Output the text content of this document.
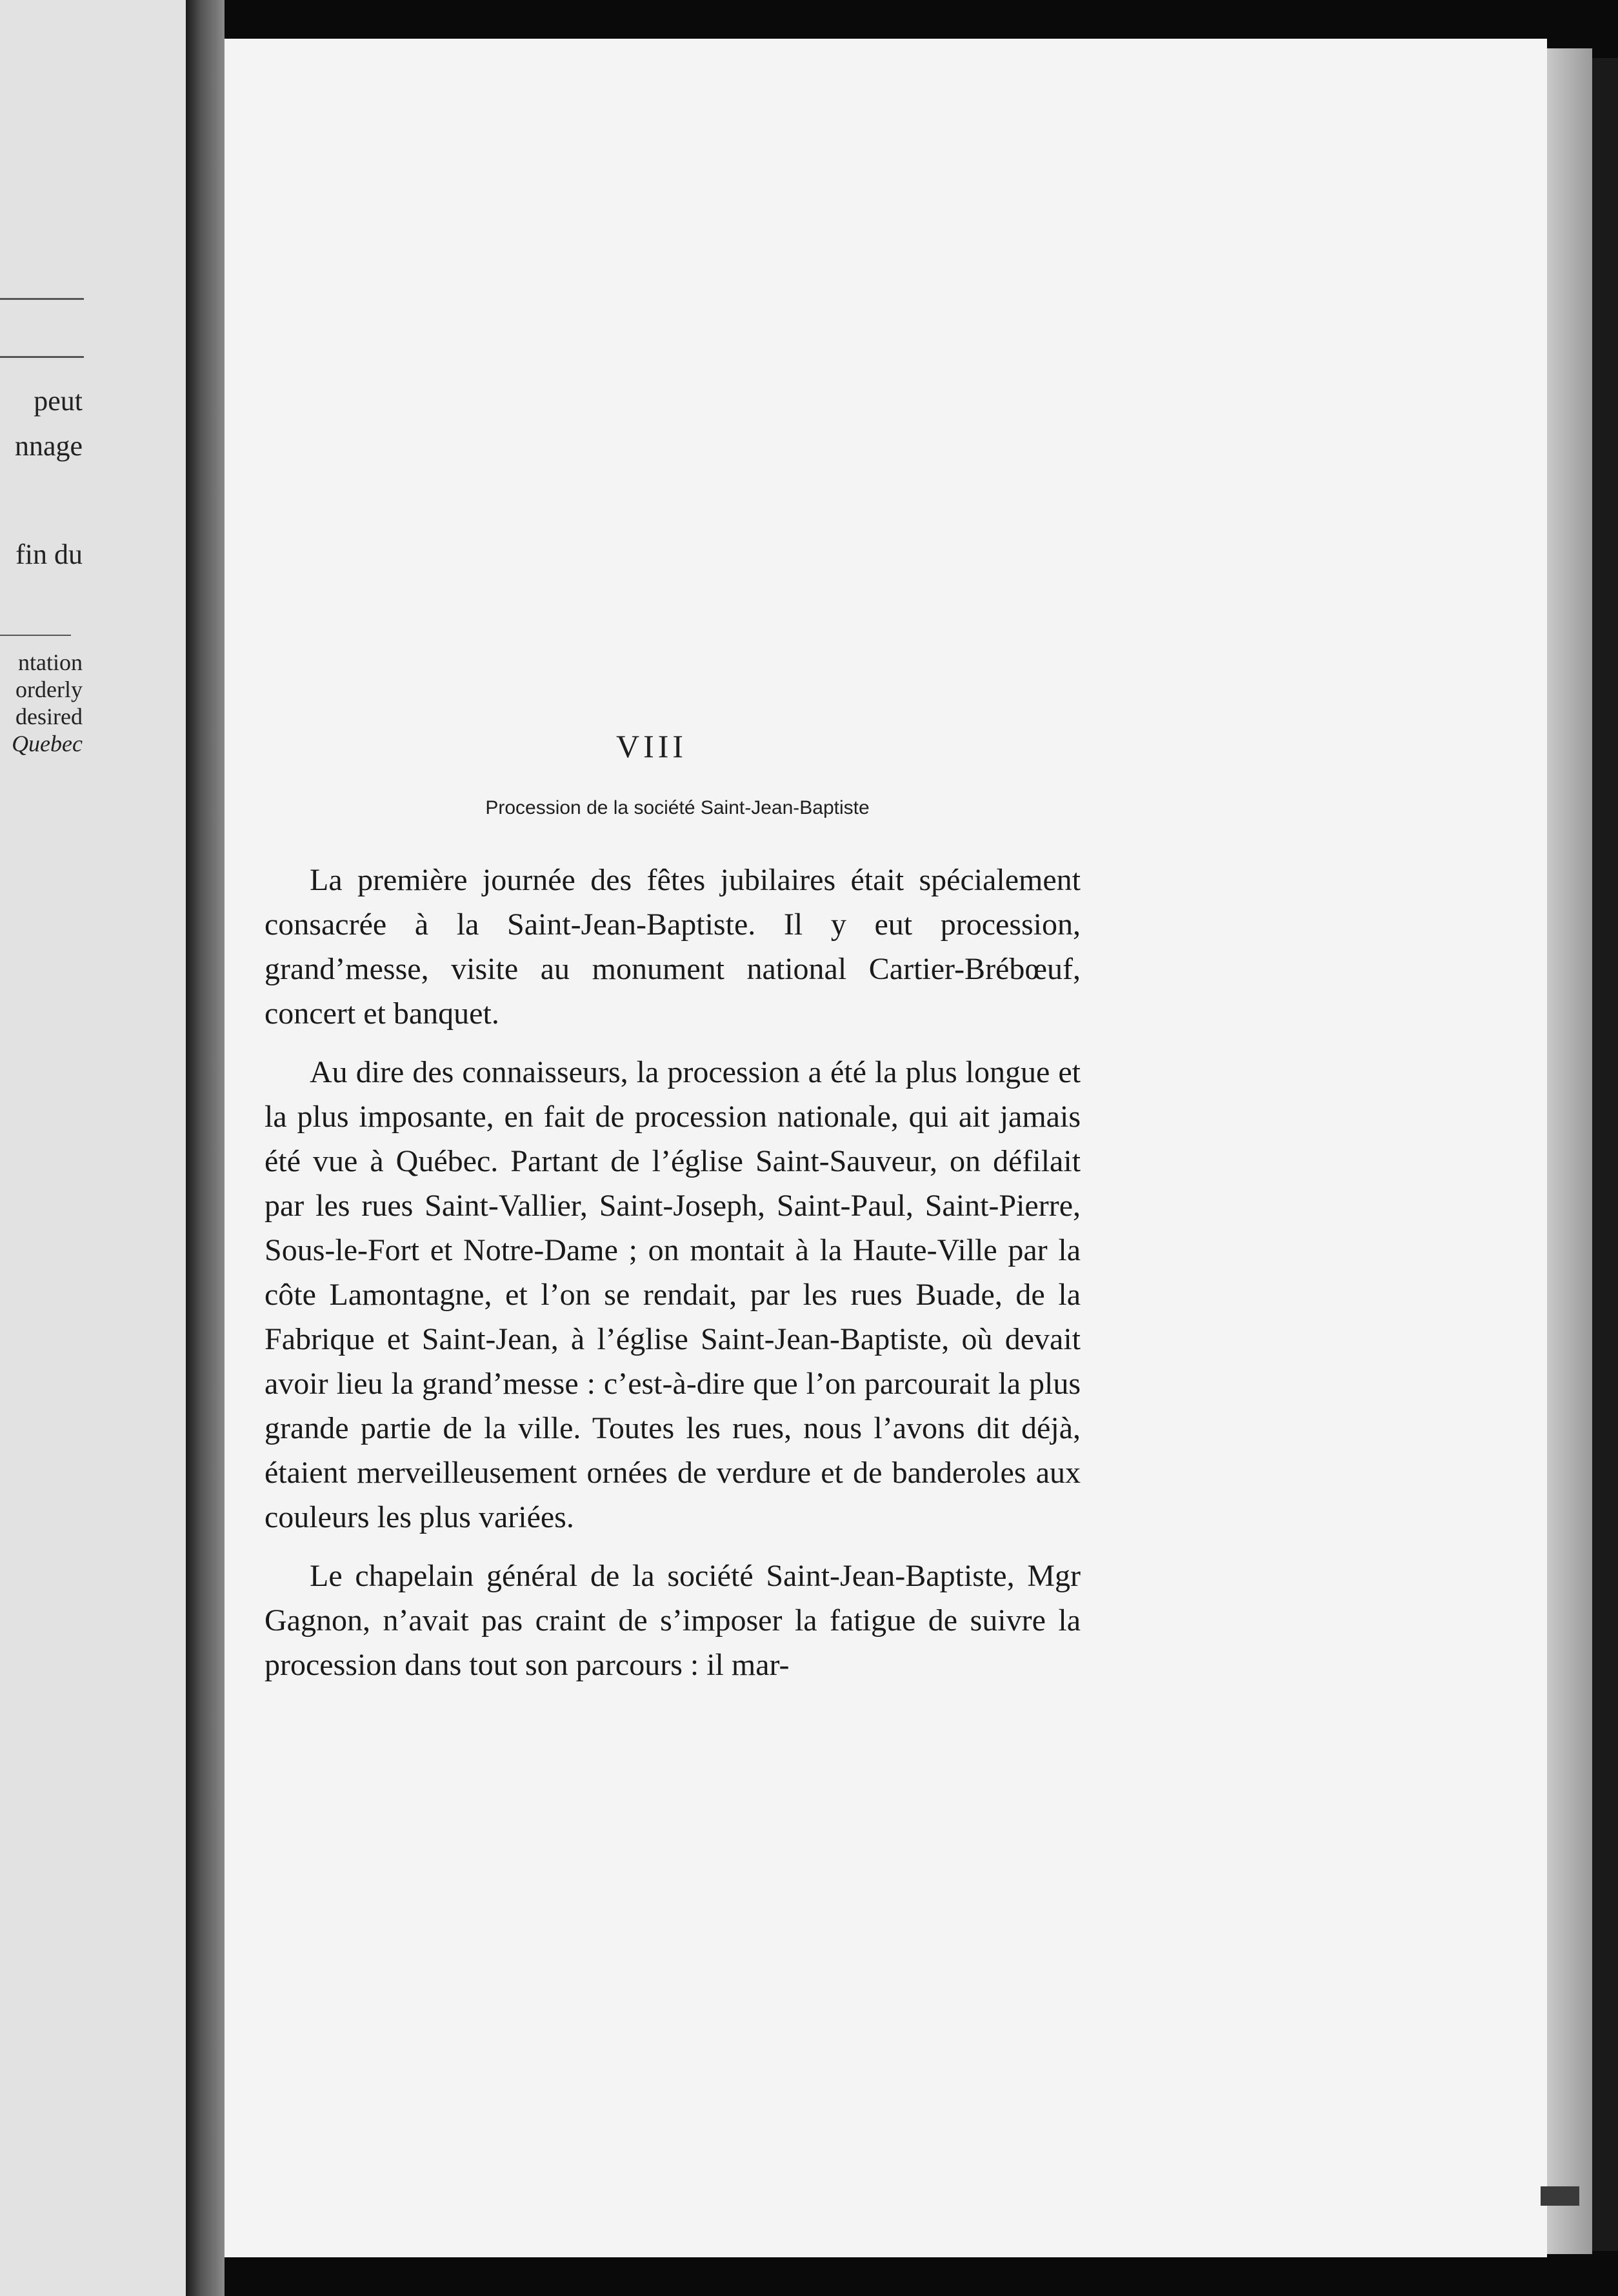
peut
nnage
fin du
ntation
orderly
desired
Quebec	VIII
Procession de la société Saint-Jean-Baptiste

La première journée des fêtes jubilaires était spécialement consacrée à la Saint-Jean-Baptiste. Il y eut procession, grand’messe, visite au monument national Cartier-Brébœuf, concert et banquet.

Au dire des connaisseurs, la procession a été la plus longue et la plus imposante, en fait de procession nationale, qui ait jamais été vue à Québec. Partant de l’église Saint-Sauveur, on défilait par les rues Saint-Vallier, Saint-Joseph, Saint-Paul, Saint-Pierre, Sous-le-Fort et Notre-Dame ; on montait à la Haute-Ville par la côte Lamontagne, et l’on se rendait, par les rues Buade, de la Fabrique et Saint-Jean, à l’église Saint-Jean-Baptiste, où devait avoir lieu la grand’messe : c’est-à-dire que l’on parcourait la plus grande partie de la ville. Toutes les rues, nous l’avons dit déjà, étaient merveilleusement ornées de verdure et de banderoles aux couleurs les plus variées.

Le chapelain général de la société Saint-Jean-Baptiste, Mgr Gagnon, n’avait pas craint de s’imposer la fatigue de suivre la procession dans tout son parcours : il mar-
